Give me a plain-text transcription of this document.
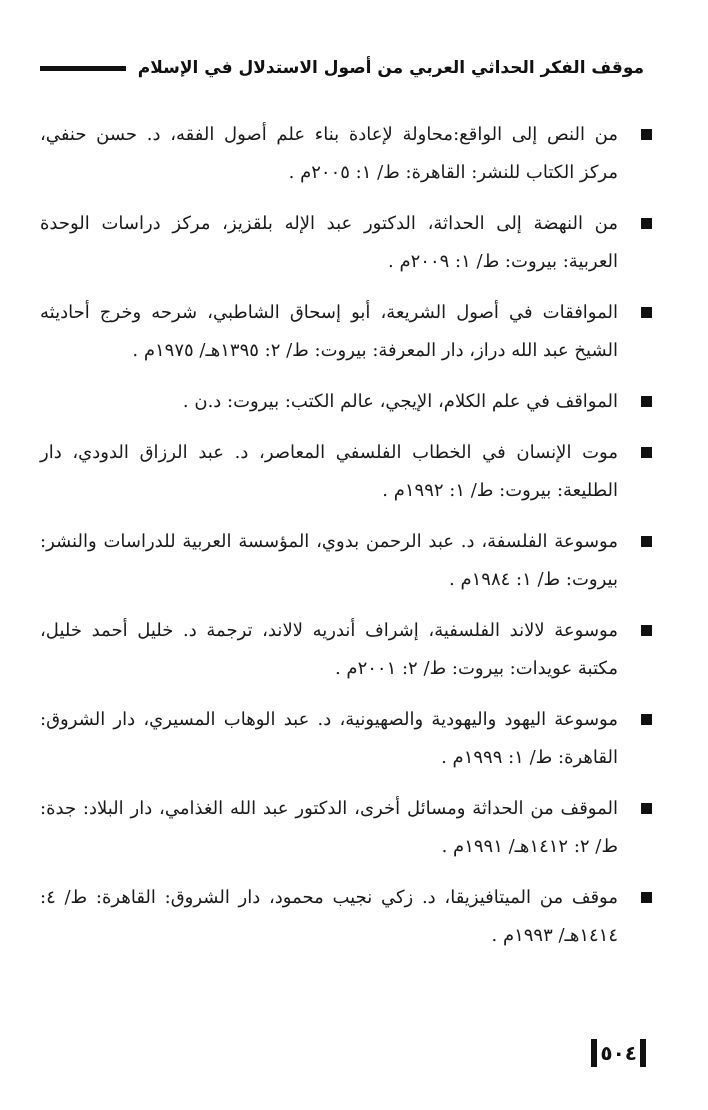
موقف الفكر الحداثي العربي من أصول الاستدلال في الإسلام
من النص إلى الواقع:محاولة لإعادة بناء علم أصول الفقه، د. حسن حنفي، مركز الكتاب للنشر: القاهرة: ط/ ١: ٢٠٠٥م .
من النهضة إلى الحداثة، الدكتور عبد الإله بلقزيز، مركز دراسات الوحدة العربية: بيروت: ط/ ١: ٢٠٠٩م .
الموافقات في أصول الشريعة، أبو إسحاق الشاطبي، شرحه وخرج أحاديثه الشيخ عبد الله دراز، دار المعرفة: بيروت: ط/ ٢: ١٣٩٥هـ/ ١٩٧٥م .
المواقف في علم الكلام، الإيجي، عالم الكتب: بيروت: د.ن .
موت الإنسان في الخطاب الفلسفي المعاصر، د. عبد الرزاق الدودي، دار الطليعة: بيروت: ط/ ١: ١٩٩٢م .
موسوعة الفلسفة، د. عبد الرحمن بدوي، المؤسسة العربية للدراسات والنشر: بيروت: ط/ ١: ١٩٨٤م .
موسوعة لالاند الفلسفية، إشراف أندريه لالاند، ترجمة د. خليل أحمد خليل، مكتبة عويدات: بيروت: ط/ ٢: ٢٠٠١م .
موسوعة اليهود واليهودية والصهيونية، د. عبد الوهاب المسيري، دار الشروق: القاهرة: ط/ ١: ١٩٩٩م .
الموقف من الحداثة ومسائل أخرى، الدكتور عبد الله الغذامي، دار البلاد: جدة: ط/ ٢: ١٤١٢هـ/ ١٩٩١م .
موقف من الميتافيزيقا، د. زكي نجيب محمود، دار الشروق: القاهرة: ط/ ٤: ١٤١٤هـ/ ١٩٩٣م .
٥٠٤
